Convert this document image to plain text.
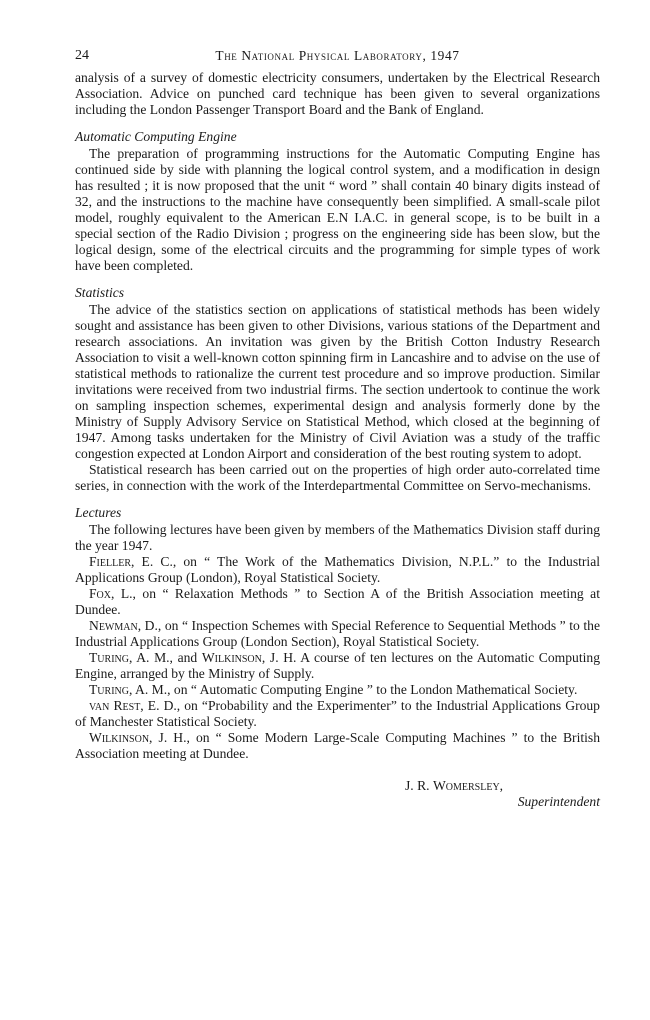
24	The National Physical Laboratory, 1947

analysis of a survey of domestic electricity consumers, undertaken by the Electrical Research Association. Advice on punched card technique has been given to several organizations including the London Passenger Transport Board and the Bank of England.

Automatic Computing Engine

The preparation of programming instructions for the Automatic Computing Engine has continued side by side with planning the logical control system, and a modification in design has resulted ; it is now proposed that the unit “ word ” shall contain 40 binary digits instead of 32, and the instructions to the machine have consequently been simplified. A small-scale pilot model, roughly equivalent to the American E.N I.A.C. in general scope, is to be built in a special section of the Radio Division ; progress on the engineering side has been slow, but the logical design, some of the electrical circuits and the programming for simple types of work have been completed.

Statistics

The advice of the statistics section on applications of statistical methods has been widely sought and assistance has been given to other Divisions, various stations of the Department and research associations. An invitation was given by the British Cotton Industry Research Association to visit a well-known cotton spinning firm in Lancashire and to advise on the use of statistical methods to rationalize the current test procedure and so improve production. Similar invitations were received from two industrial firms. The section undertook to continue the work on sampling inspection schemes, experimental design and analysis formerly done by the Ministry of Supply Advisory Service on Statistical Method, which closed at the beginning of 1947. Among tasks undertaken for the Ministry of Civil Aviation was a study of the traffic congestion expected at London Airport and consideration of the best routing system to adopt.

Statistical research has been carried out on the properties of high order auto-correlated time series, in connection with the work of the Interdepartmental Committee on Servo-mechanisms.

Lectures

The following lectures have been given by members of the Mathematics Division staff during the year 1947.

Fieller, E. C., on “ The Work of the Mathematics Division, N.P.L.” to the Industrial Applications Group (London), Royal Statistical Society.

Fox, L., on “ Relaxation Methods ” to Section A of the British Association meeting at Dundee.

Newman, D., on “ Inspection Schemes with Special Reference to Sequential Methods ” to the Industrial Applications Group (London Section), Royal Statistical Society.

Turing, A. M., and Wilkinson, J. H. A course of ten lectures on the Automatic Computing Engine, arranged by the Ministry of Supply.

Turing, A. M., on “ Automatic Computing Engine ” to the London Mathematical Society.

van Rest, E. D., on “Probability and the Experimenter” to the Industrial Applications Group of Manchester Statistical Society.

Wilkinson, J. H., on “ Some Modern Large-Scale Computing Machines ” to the British Association meeting at Dundee.

J. R. Womersley,
Superintendent
